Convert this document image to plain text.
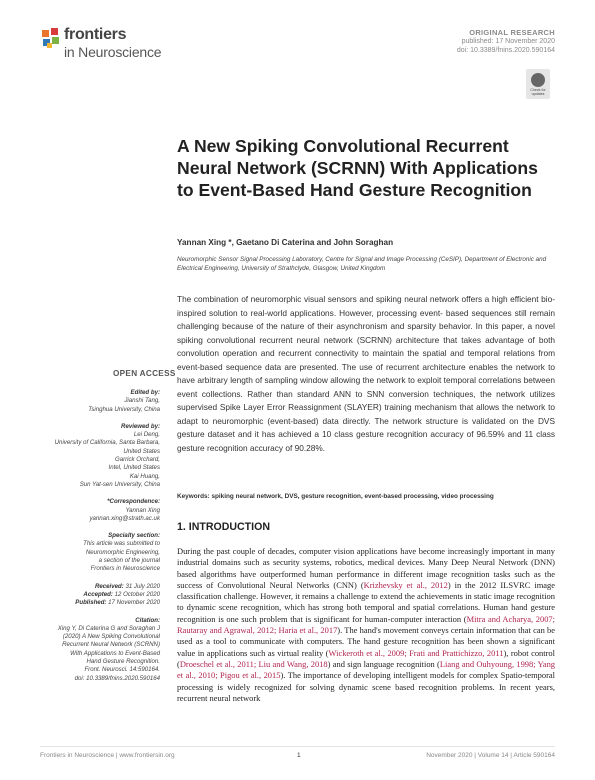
frontiers
in Neuroscience
ORIGINAL RESEARCH
published: 17 November 2020
doi: 10.3389/fnins.2020.590164
Check for updates
A New Spiking Convolutional Recurrent Neural Network (SCRNN) With Applications to Event-Based Hand Gesture Recognition
Yannan Xing *, Gaetano Di Caterina and John Soraghan
Neuromorphic Sensor Signal Processing Laboratory, Centre for Signal and Image Processing (CeSIP), Department of Electronic and Electrical Engineering, University of Strathclyde, Glasgow, United Kingdom
The combination of neuromorphic visual sensors and spiking neural network offers a high efficient bio-inspired solution to real-world applications. However, processing event- based sequences still remain challenging because of the nature of their asynchronism and sparsity behavior. In this paper, a novel spiking convolutional recurrent neural network (SCRNN) architecture that takes advantage of both convolution operation and recurrent connectivity to maintain the spatial and temporal relations from event-based sequence data are presented. The use of recurrent architecture enables the network to have arbitrary length of sampling window allowing the network to exploit temporal correlations between event collections. Rather than standard ANN to SNN conversion techniques, the network utilizes supervised Spike Layer Error Reassignment (SLAYER) training mechanism that allows the network to adapt to neuromorphic (event-based) data directly. The network structure is validated on the DVS gesture dataset and it has achieved a 10 class gesture recognition accuracy of 96.59% and 11 class gesture recognition accuracy of 90.28%.
Keywords: spiking neural network, DVS, gesture recognition, event-based processing, video processing
1. INTRODUCTION
During the past couple of decades, computer vision applications have become increasingly important in many industrial domains such as security systems, robotics, medical devices. Many Deep Neural Network (DNN) based algorithms have outperformed human performance in different image recognition tasks such as the success of Convolutional Neural Networks (CNN) (Krizhevsky et al., 2012) in the 2012 ILSVRC image classification challenge. However, it remains a challenge to extend the achievements in static image recognition to dynamic scene recognition, which has strong both temporal and spatial correlations. Human hand gesture recognition is one such problem that is significant for human-computer interaction (Mitra and Acharya, 2007; Rautaray and Agrawal, 2012; Haria et al., 2017). The hand's movement conveys certain information that can be used as a tool to communicate with computers. The hand gesture recognition has been shown a significant value in applications such as virtual reality (Wickeroth et al., 2009; Frati and Prattichizzo, 2011), robot control (Droeschel et al., 2011; Liu and Wang, 2018) and sign language recognition (Liang and Ouhyoung, 1998; Yang et al., 2010; Pigou et al., 2015). The importance of developing intelligent models for complex Spatio-temporal processing is widely recognized for solving dynamic scene based recognition problems. In recent years, recurrent neural network
OPEN ACCESS
Edited by:
Jianshi Tang,
Tsinghua University, China
Reviewed by:
Lei Deng,
University of California, Santa Barbara,
United States
Garrick Orchard,
Intel, United States
Kai Huang,
Sun Yat-sen University, China
*Correspondence:
Yannan Xing
yannan.xing@strath.ac.uk
Specialty section:
This article was submitted to
Neuromorphic Engineering,
a section of the journal
Frontiers in Neuroscience
Received: 31 July 2020
Accepted: 12 October 2020
Published: 17 November 2020
Citation:
Xing Y, Di Caterina G and Soraghan J
(2020) A New Spiking Convolutional
Recurrent Neural Network (SCRNN)
With Applications to Event-Based
Hand Gesture Recognition.
Front. Neurosci. 14:590164.
doi: 10.3389/fnins.2020.590164
Frontiers in Neuroscience | www.frontiersin.org	1	November 2020 | Volume 14 | Article 590164
